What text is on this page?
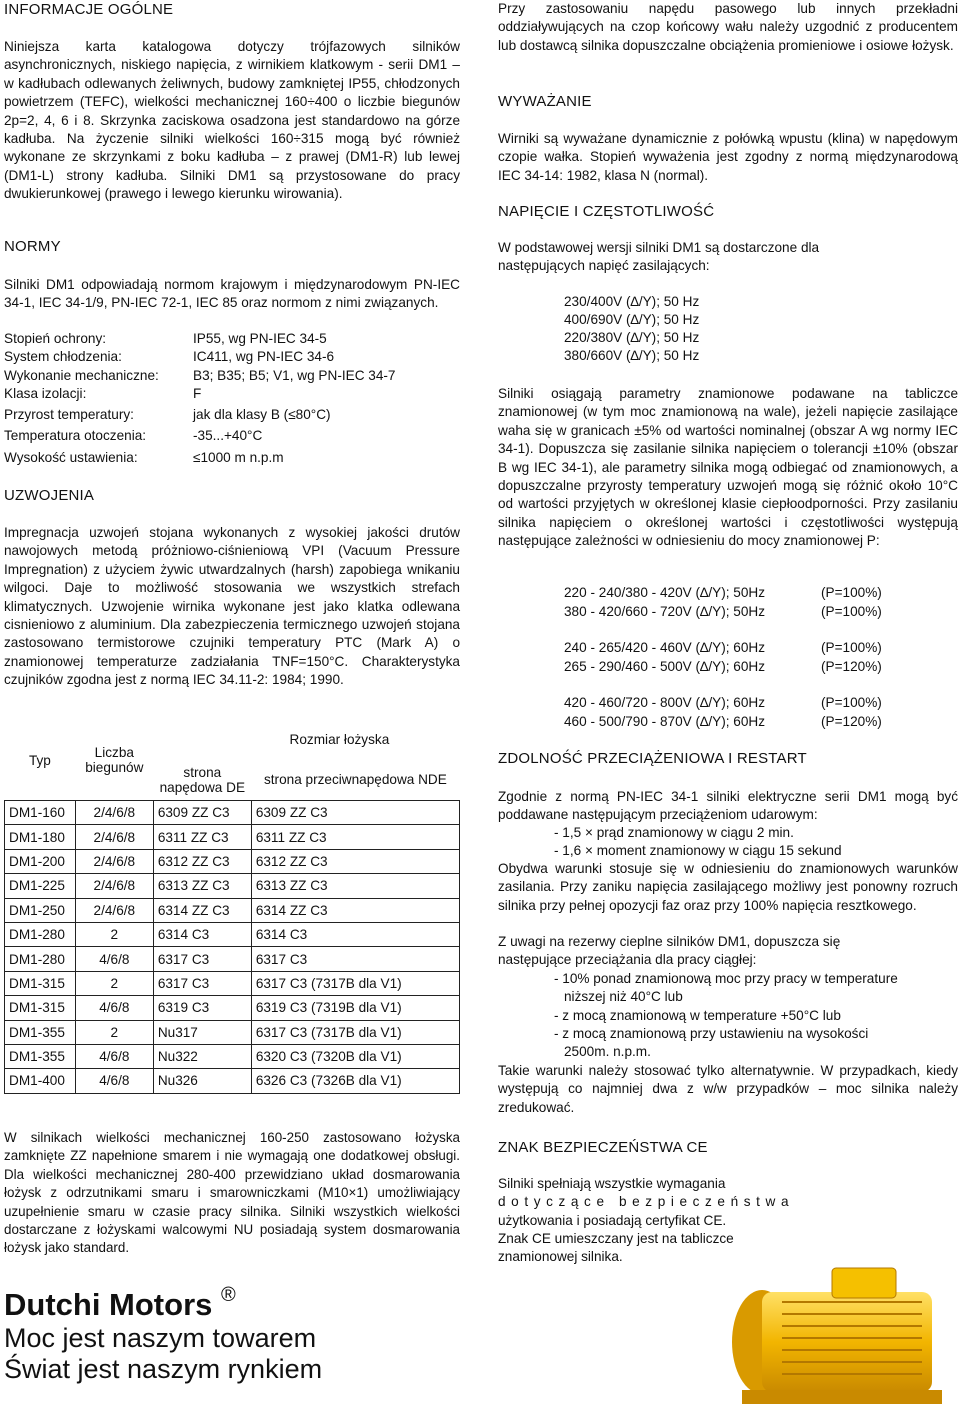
INFORMACJE OGÓLNE

Niniejsza karta katalogowa dotyczy trójfazowych silników asynchronicznych, niskiego napięcia, z wirnikiem klatkowym - serii DM1 – w kadłubach odlewanych żeliwnych, budowy zamkniętej IP55, chłodzonych powietrzem (TEFC), wielkości mechanicznej 160÷400 o liczbie biegunów 2p=2, 4, 6 i 8. Skrzynka zaciskowa osadzona jest standardowo na górze kadłuba. Na życzenie silniki wielkości 160÷315 mogą być również wykonane ze skrzynkami z boku kadłuba – z prawej (DM1-R) lub lewej (DM1-L) strony kadłuba. Silniki DM1 są przystosowane do pracy dwukierunkowej (prawego i lewego kierunku wirowania).

NORMY

Silniki DM1 odpowiadają normom krajowym i międzynarodowym PN-IEC 34-1, IEC 34-1/9, PN-IEC 72-1, IEC 85 oraz normom z nimi związanych.

Stopień ochrony:	IP55, wg PN-IEC 34-5
System chłodzenia:	IC411, wg PN-IEC 34-6
Wykonanie mechaniczne:	B3; B35; B5; V1, wg PN-IEC 34-7
Klasa izolacji:	F
Przyrost temperatury:	jak dla klasy B (≤80°C)
Temperatura otoczenia:	-35...+40°C
Wysokość ustawienia:	≤1000 m n.p.m
UZWOJENIA

Impregnacja uzwojeń stojana wykonanych z wysokiej jakości drutów nawojowych metodą próżniowo-ciśnieniową VPI (Vacuum Pressure Impregnation) z użyciem żywic utwardzalnych (harsh) zapobiega wnikaniu wilgoci. Daje to możliwość stosowania we wszystkich strefach klimatycznych. Uzwojenie wirnika wykonane jest jako klatka odlewana cisnieniowo z aluminium. Dla zabezpieczenia termicznego uzwojeń stojana zastosowano termistorowe czujniki temperatury PTC (Mark A) o znamionowej temperaturze zadziałania TNF=150°C. Charakterystyka czujników zgodna jest z normą IEC 34.11-2: 1984; 1990.

Typ	Liczba biegunów	Rozmiar łożyska	
		strona napędowa DE	strona przeciwnapędowa NDE
DM1-160	2/4/6/8	6309 ZZ C3	6309 ZZ C3
DM1-180	2/4/6/8	6311 ZZ C3	6311 ZZ C3
DM1-200	2/4/6/8	6312 ZZ C3	6312 ZZ C3
DM1-225	2/4/6/8	6313 ZZ C3	6313 ZZ C3
DM1-250	2/4/6/8	6314 ZZ C3	6314 ZZ C3
DM1-280	2	6314 C3	6314 C3
DM1-280	4/6/8	6317 C3	6317 C3
DM1-315	2	6317 C3	6317 C3 (7317B dla V1)
DM1-315	4/6/8	6319 C3	6319 C3 (7319B dla V1)
DM1-355	2	Nu317	6317 C3 (7317B dla V1)
DM1-355	4/6/8	Nu322	6320 C3 (7320B dla V1)
DM1-400	4/6/8	Nu326	6326 C3 (7326B dla V1)

W silnikach wielkości mechanicznej 160-250 zastosowano łożyska zamknięte ZZ napełnione smarem i nie wymagają one dodatkowej obsługi. Dla wielkości mechanicznej 280-400 przewidziano układ dosmarowania łożysk z odrzutnikami smaru i smarowniczkami (M10×1) umożliwiający uzupełnienie smaru w czasie pracy silnika. Silniki wszystkich wielkości dostarczane z łożyskami walcowymi NU posiadają system dosmarowania łożysk jako standard.

Dutchi Motors ®
Moc jest naszym towarem
Świat jest naszym rynkiem

Przy zastosowaniu napędu pasowego lub innych przekładni oddziaływujących na czop końcowy wału należy uzgodnić z producentem lub dostawcą silnika dopuszczalne obciążenia promieniowe i osiowe łożysk.

WYWAŻANIE

Wirniki są wyważane dynamicznie z połówką wpustu (klina) w napędowym czopie wałka. Stopień wyważenia jest zgodny z normą międzynarodową IEC 34-14: 1982, klasa N (normal).

NAPIĘCIE I CZĘSTOTLIWOŚĆ

W podstawowej wersji silniki DM1 są dostarczone dla następujących napięć zasilających:

230/400V (∆/Y); 50 Hz
400/690V (∆/Y); 50 Hz
220/380V (∆/Y); 50 Hz
380/660V (∆/Y); 50 Hz

Silniki osiągają parametry znamionowe podawane na tabliczce znamionowej (w tym moc znamionową na wale), jeżeli napięcie zasilające waha się w granicach ±5% od wartości nominalnej (obszar A wg normy IEC 34-1). Dopuszcza się zasilanie silnika napięciem o tolerancji ±10% (obszar B wg IEC 34-1), ale parametry silnika mogą odbiegać od znamionowych, a dopuszczalne przyrosty temperatury uzwojeń mogą się różnić około 10°C od wartości przyjętych w określonej klasie ciepłoodporności. Przy zasilaniu silnika napięciem o określonej wartości i częstotliwości występują następujące zależności w odniesieniu do mocy znamionowej P:

220 - 240/380 - 420V (∆/Y); 50Hz	(P=100%)
380 - 420/660 - 720V (∆/Y); 50Hz	(P=100%)
240 - 265/420 - 460V (∆/Y); 60Hz	(P=100%)
265 - 290/460 - 500V (∆/Y); 60Hz	(P=120%)
420 - 460/720 - 800V (∆/Y); 60Hz	(P=100%)
460 - 500/790 - 870V (∆/Y); 60Hz	(P=120%)
ZDOLNOŚĆ PRZECIĄŻENIOWA I RESTART

Zgodnie z normą PN-IEC 34-1 silniki elektryczne serii DM1 mogą być poddawane następującym przeciążeniom udarowym:

- 1,5 × prąd znamionowy w ciągu 2 min.
- 1,6 × moment znamionowy w ciągu 15 sekund

Obydwa warunki stosuje się w odniesieniu do znamionowych warunków zasilania. Przy zaniku napięcia zasilającego możliwy jest ponowny rozruch silnika przy pełnej opozycji faz oraz przy 100% napięcia resztkowego.

Z uwagi na rezerwy cieplne silników DM1, dopuszcza się następujące przeciążania dla pracy ciągłej:

- 10% ponad znamionową moc przy pracy w temperature
niższej niż 40°C lub
- z mocą znamionową w temperature +50°C lub
- z mocą znamionową przy ustawieniu na wysokości
2500m. n.p.m.

Takie warunki należy stosować tylko alternatywnie. W przypadkach, kiedy występują co najmniej dwa z w/w przypadków – moc silnika należy zredukować.

ZNAK BEZPIECZEŃSTWA CE
Silniki spełniają wszystkie wymagania
dotyczące bezpieczeństwa
użytkowania i posiadają certyfikat CE.
Znak CE umieszczany jest na tabliczce
znamionowej silnika.
